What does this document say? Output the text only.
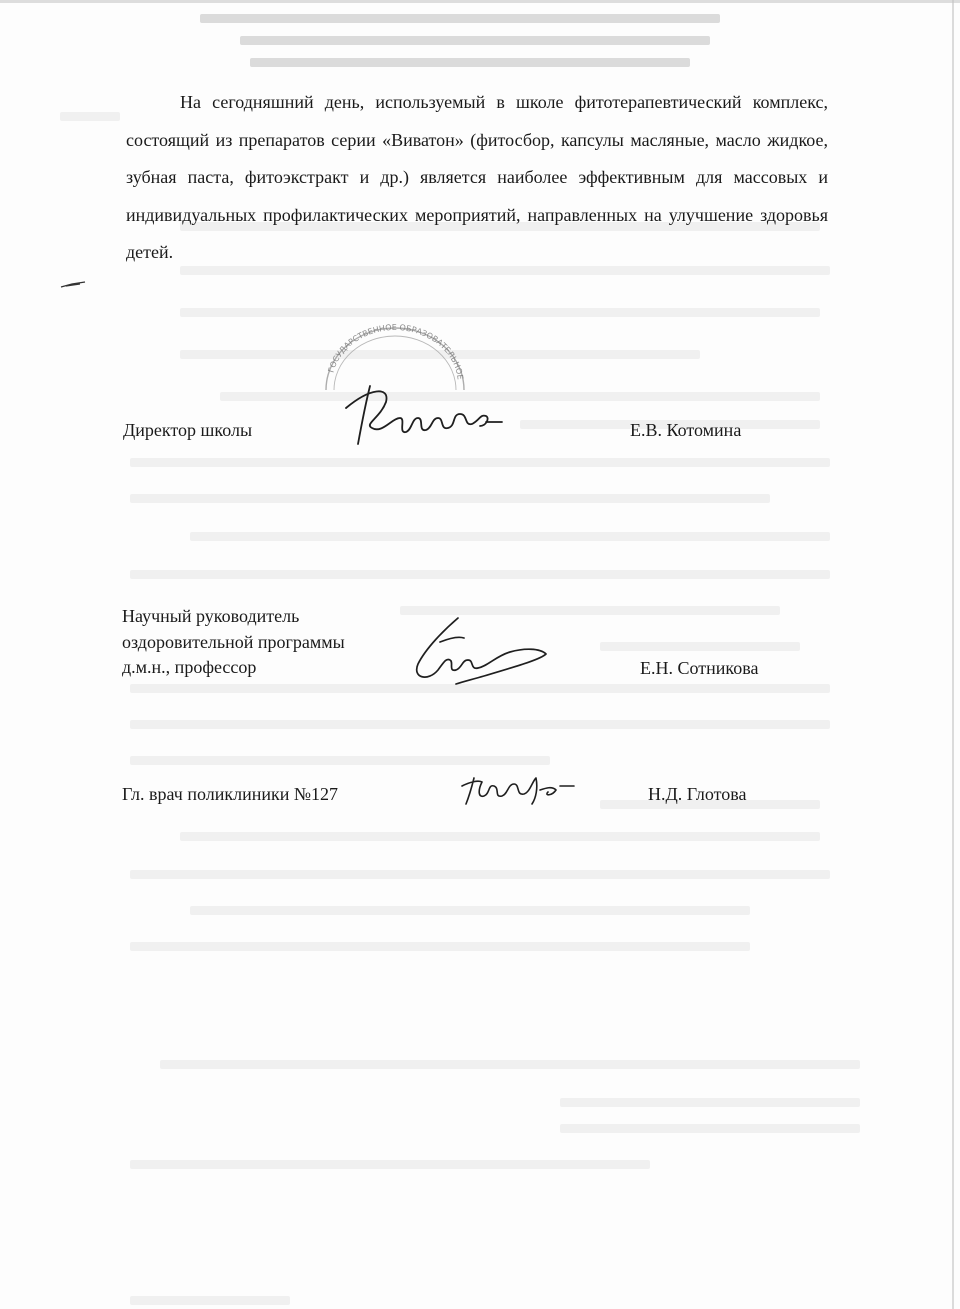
На сегодняшний день, используемый в школе фитотерапевтический комплекс, состоящий из препаратов серии «Виватон» (фитосбор, капсулы масляные, масло жидкое, зубная паста, фитоэкстракт и др.) является наиболее эффективным для массовых и индивидуальных профилактических мероприятий, направленных на улучшение здоровья детей.

ГОСУДАРСТВЕННОЕ ОБРАЗОВАТЕЛЬНОЕ
Директор школы	Е.В. Котомина
Научный руководитель
оздоровительной программы
д.м.н., профессор	Е.Н. Сотникова
Гл. врач поликлиники №127	Н.Д. Глотова
